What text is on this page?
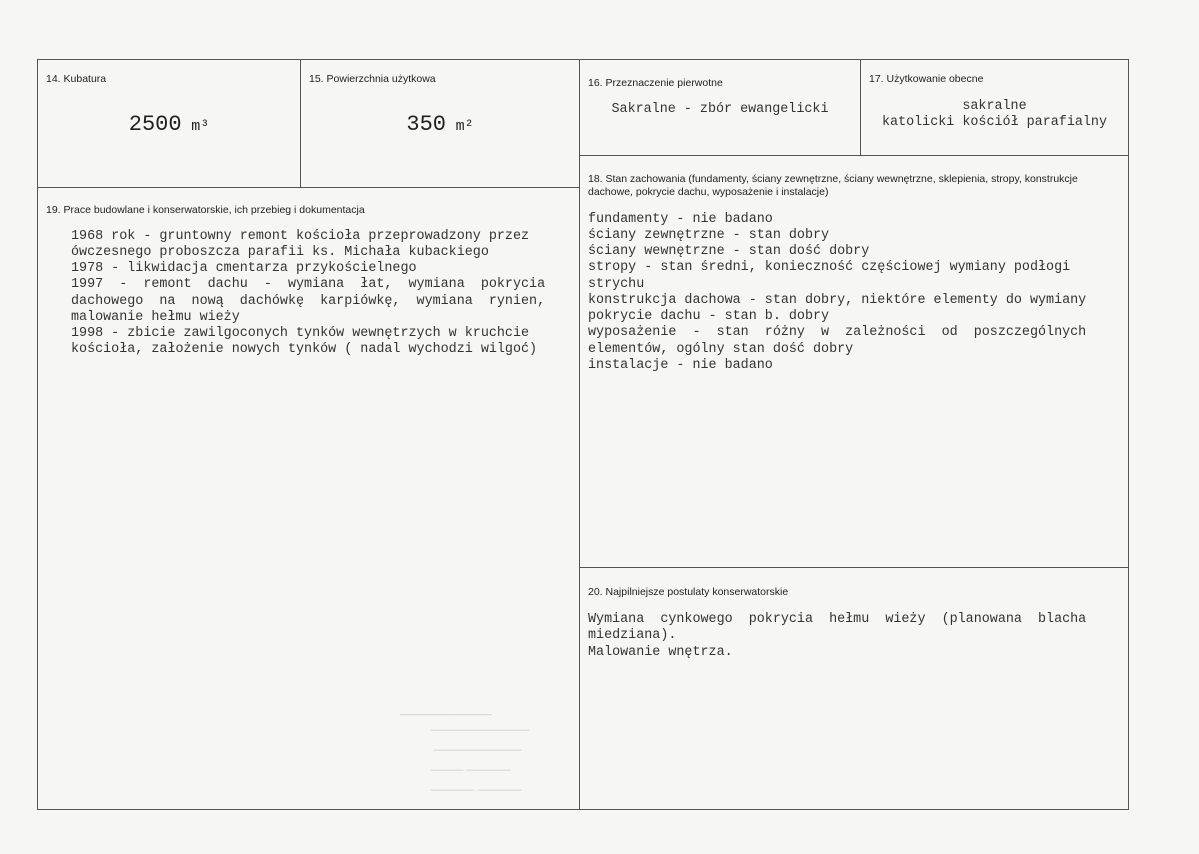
_______________
—————————
————————
——— ————
———— ————

14. Kubatura
2500 m³
15. Powierzchnia użytkowa
350 m²
16. Przeznaczenie pierwotne
Sakralne - zbór ewangelicki
17. Użytkowanie obecne
sakralne
katolicki kościół parafialny
19. Prace budowlane i konserwatorskie, ich przebieg i dokumentacja
1968 rok - gruntowny remont kościoła przeprowadzony przez
ówczesnego proboszcza parafii ks. Michała kubackiego
1978 - likwidacja cmentarza przykościelnego
1997  -  remont  dachu  -  wymiana  łat,  wymiana  pokrycia
dachowego  na  nową  dachówkę  karpiówkę,  wymiana  rynien,
malowanie hełmu wieży
1998 - zbicie zawilgoconych tynków wewnętrzych w kruchcie
kościoła, założenie nowych tynków ( nadal wychodzi wilgoć)
18. Stan zachowania (fundamenty, ściany zewnętrzne, ściany wewnętrzne, sklepienia, stropy, konstrukcje dachowe, pokrycie dachu, wyposażenie i instalacje)
fundamenty - nie badano
ściany zewnętrzne - stan dobry
ściany wewnętrzne - stan dość dobry
stropy - stan średni, konieczność częściowej wymiany podłogi
strychu
konstrukcja dachowa - stan dobry, niektóre elementy do wymiany
pokrycie dachu - stan b. dobry
wyposażenie  -  stan  różny  w  zależności  od  poszczególnych
elementów, ogólny stan dość dobry
instalacje - nie badano
20. Najpilniejsze postulaty konserwatorskie
Wymiana  cynkowego  pokrycia  hełmu  wieży  (planowana  blacha
miedziana).
Malowanie wnętrza.
